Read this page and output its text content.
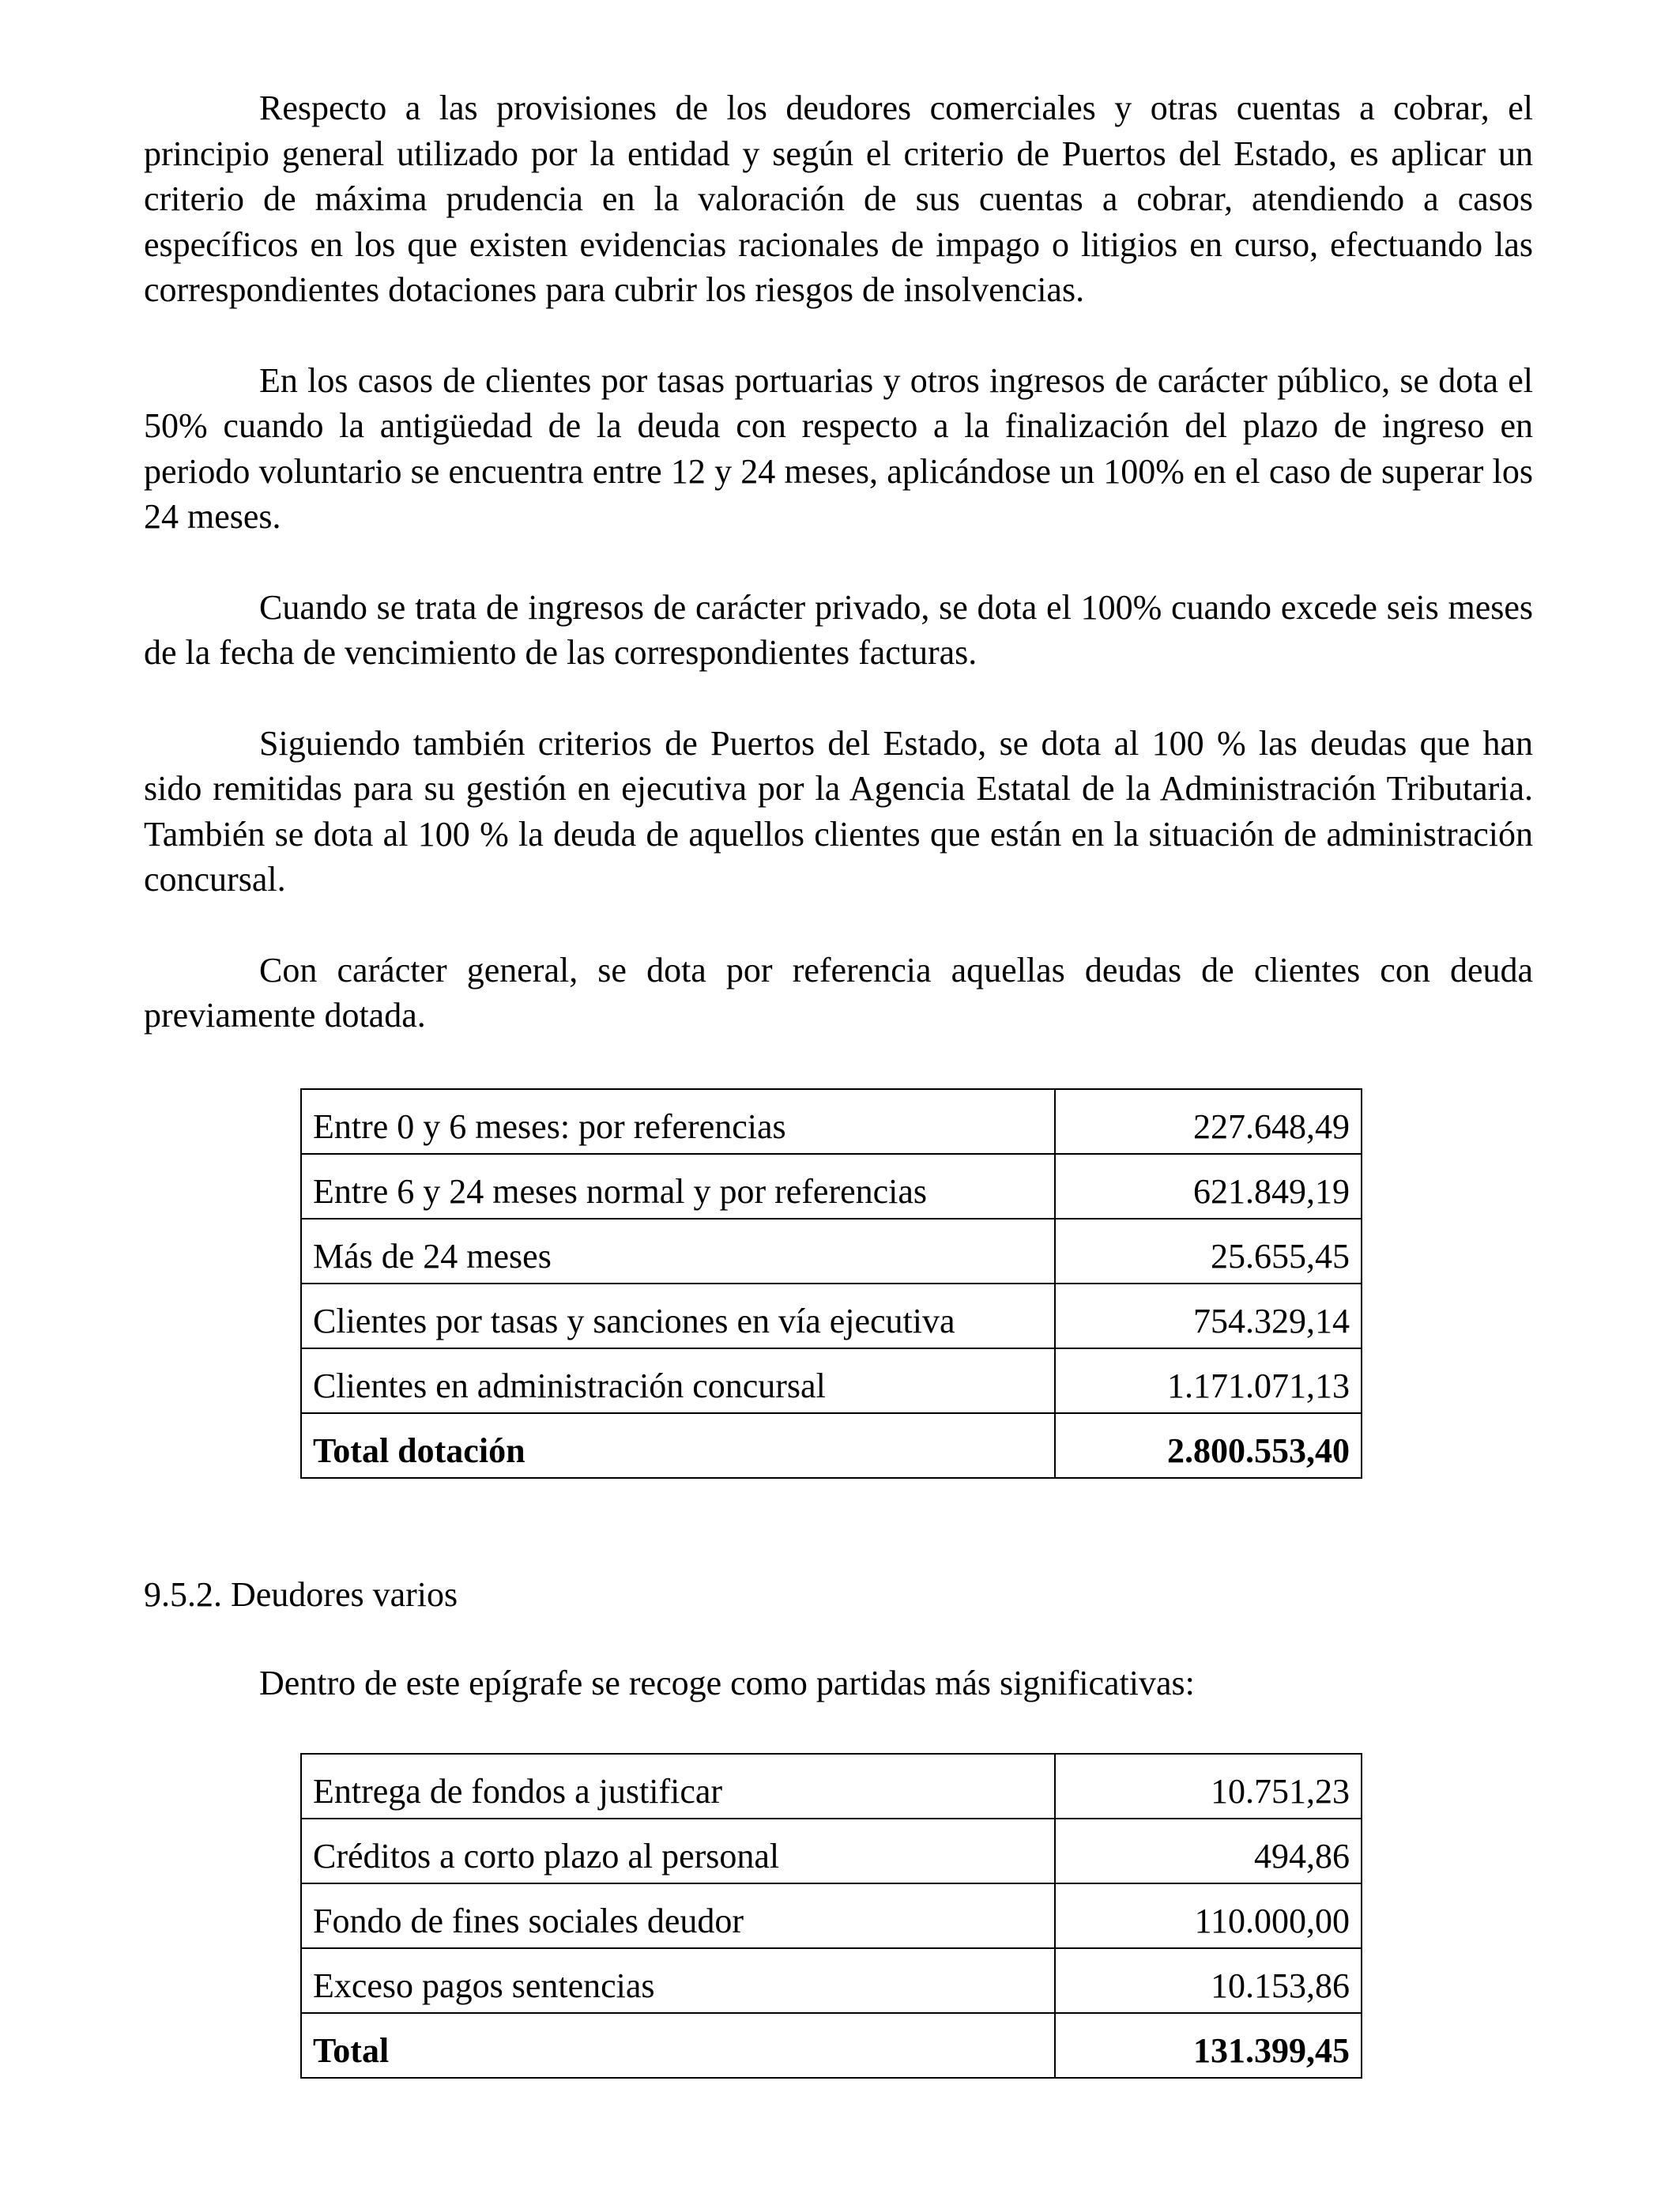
Respecto a las provisiones de los deudores comerciales y otras cuentas a cobrar, el principio general utilizado por la entidad y según el criterio de Puertos del Estado, es aplicar un criterio de máxima prudencia en la valoración de sus cuentas a cobrar, atendiendo a casos específicos en los que existen evidencias racionales de impago o litigios en curso, efectuando las correspondientes dotaciones para cubrir los riesgos de insolvencias.

En los casos de clientes por tasas portuarias y otros ingresos de carácter público, se dota el 50% cuando la antigüedad de la deuda con respecto a la finalización del plazo de ingreso en periodo voluntario se encuentra entre 12 y 24 meses, aplicándose un 100% en el caso de superar los 24 meses.

Cuando se trata de ingresos de carácter privado, se dota el 100% cuando excede seis meses de la fecha de vencimiento de las correspondientes facturas.

Siguiendo también criterios de Puertos del Estado, se dota al 100 % las deudas que han sido remitidas para su gestión en ejecutiva por la Agencia Estatal de la Administración Tributaria. También se dota al 100 % la deuda de aquellos clientes que están en la situación de administración concursal.

Con carácter general, se dota por referencia aquellas deudas de clientes con deuda previamente dotada.

Entre 0 y 6 meses: por referencias	227.648,49
Entre 6 y 24 meses normal y por referencias	621.849,19
Más de 24 meses	25.655,45
Clientes por tasas y sanciones en vía ejecutiva	754.329,14
Clientes en administración concursal	1.171.071,13
Total dotación	2.800.553,40

9.5.2. Deudores varios

Dentro de este epígrafe se recoge como partidas más significativas:

Entrega de fondos a justificar	10.751,23
Créditos a corto plazo al personal	494,86
Fondo de fines sociales deudor	110.000,00
Exceso pagos sentencias	10.153,86
Total	131.399,45
